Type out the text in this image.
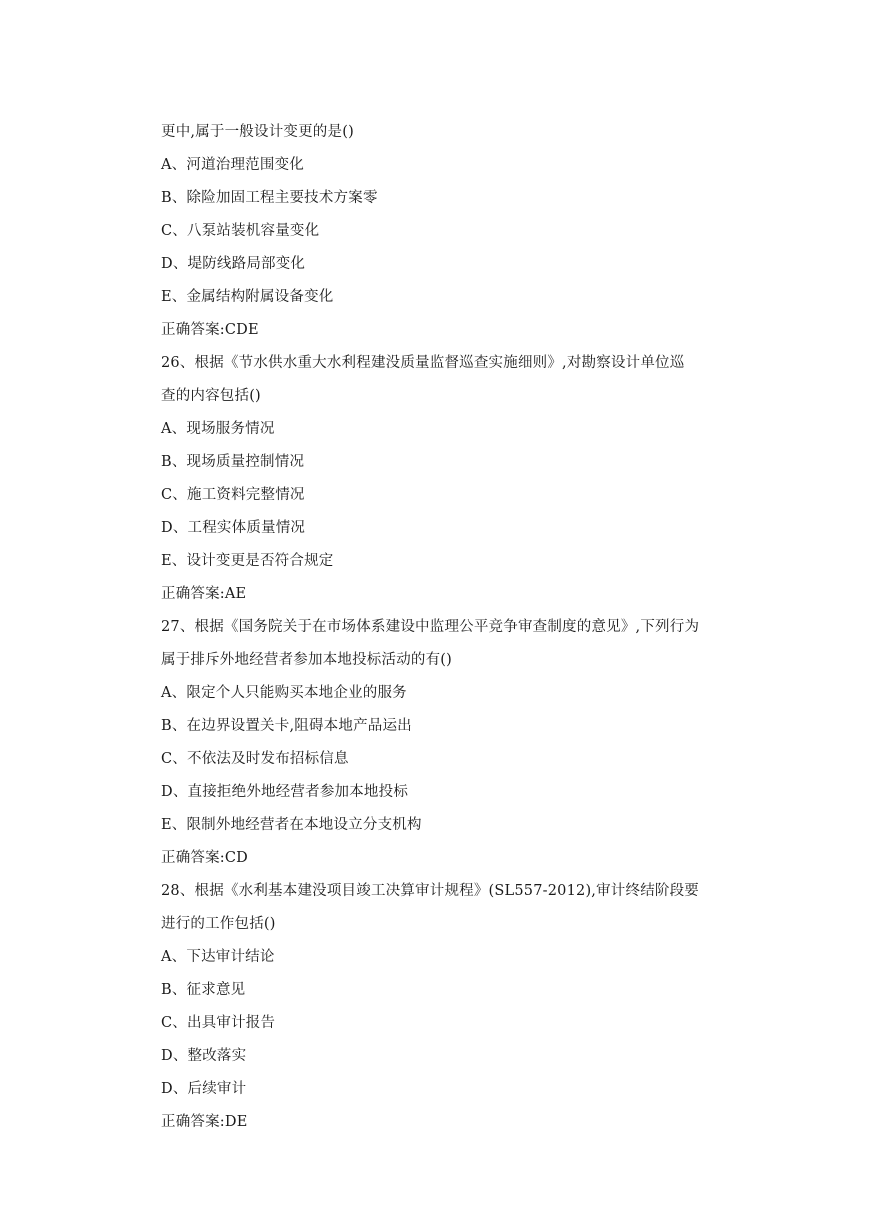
更中,属于一般设计变更的是()
A、河道治理范围变化
B、除险加固工程主要技术方案零
C、八泵站装机容量变化
D、堤防线路局部变化
E、金属结构附属设备变化
正确答案:CDE
26、根据《节水供水重大水利程建没质量监督巡查实施细则》,对勘察设计单位巡
查的内容包括()
A、现场服务情况
B、现场质量控制情况
C、施工资料完整情况
D、工程实体质量情况
E、设计变更是否符合规定
正确答案:AE
27、根据《国务院关于在市场体系建设中监理公平竞争审查制度的意见》,下列行为
属于排斥外地经营者参加本地投标活动的有()
A、限定个人只能购买本地企业的服务
B、在边界设置关卡,阻碍本地产品运出
C、不依法及时发布招标信息
D、直接拒绝外地经营者参加本地投标
E、限制外地经营者在本地设立分支机构
正确答案:CD
28、根据《水利基本建没项目竣工决算审计规程》(SL557-2012),审计终结阶段要
进行的工作包括()
A、下达审计结论
B、征求意见
C、出具审计报告
D、整改落实
D、后续审计
正确答案:DE
